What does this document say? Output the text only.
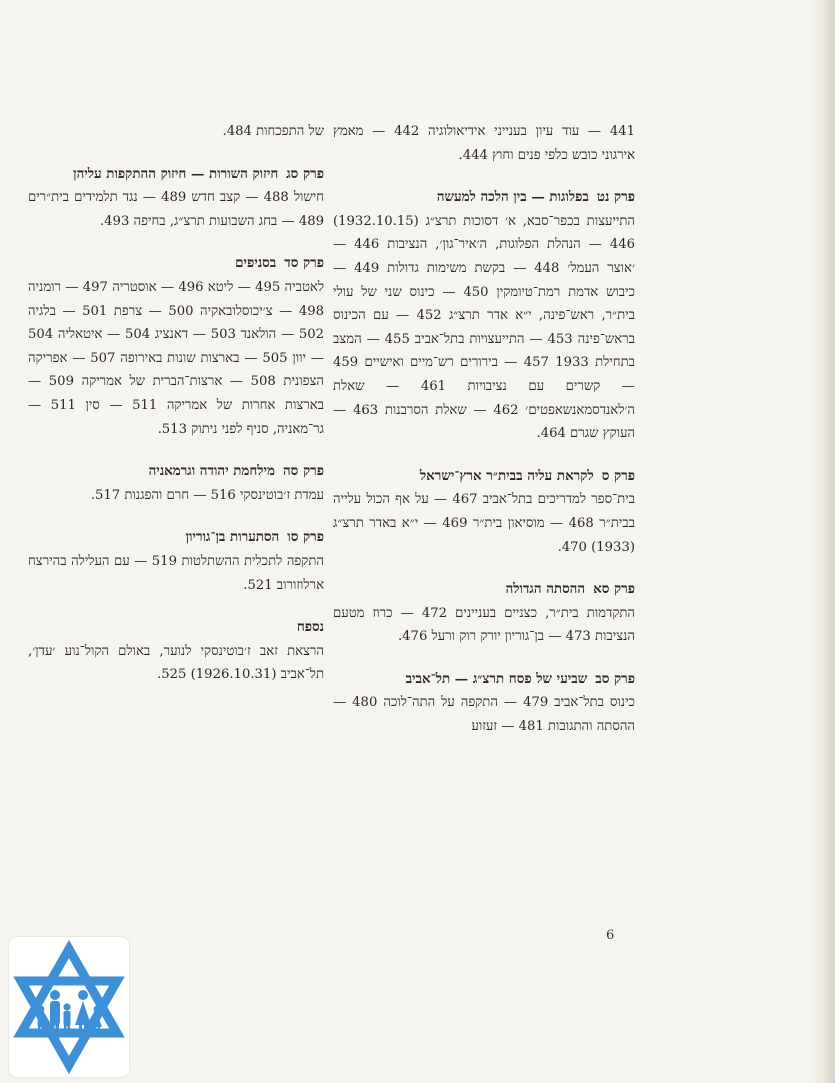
441 — עוד עיון בענייני אידיאולוגיה 442 — מאמץ אירגוני כובש כלפי פנים וחוץ 444.
פרק נטבפלוגות — בין הלכה למעשה
התייעצות בכפר־סבא, א׳ דסוכות תרצ״ג (1932.10.15) 446 — הנהלת הפלוגות, ה׳איר־גון׳, הנציבות 446 — ׳אוצר העמל׳ 448 — בקשת משימות גדולות 449 — כיבוש אדמת רמת־טיומקין 450 — כינוס שני של עולי בית״ר, ראש־פינה, י״א אדר תרצ״ג 452 — עם הכינוס בראש־פינה 453 — התייעצויות בתל־אביב 455 — המצב בתחילת 1933 457 — בירורים רש־מיים ואישיים 459 — קשרים עם נציבויות 461 — שאלת ה׳לאנדסמאנשאפטים׳ 462 — שאלת הסרבנות 463 — העוקץ שגרם 464.
פרק סלקראת עליה בבית״ר ארץ־ישראל
בית־ספר למדריכים בתל־אביב 467 — על אף הכול עלייה בבית״ר 468 — מוסיאון בית״ר 469 — י״א באדר תרצ״ג (1933) 470.
פרק סאההסתה הגדולה
התקדמות בית״ר, כצניים בעניינים 472 — כרוז מטעם הנציבות 473 — בן־גוריון יורק רוק ורעל 476.
פרק סבשביעי של פסח תרצ״ג — תל־אביב
כינוס בתל־אביב 479 — התקפה על התה־לוכה 480 — ההסתה והתגובות 481 — זעזוע
של התפכחות 484.
פרק סגחיזוק השורות — חיזוק ההתקפות עליהן
חישול 488 — קצב חדש 489 — נגד תלמידים בית״רים 489 — בחג השבועות תרצ״ג, בחיפה 493.
פרק סדבסניפים
לאטביה 495 — ליטא 496 — אוסטריה 497 — רומניה 498 — צ׳יכוסלובאקיה 500 — צרפת 501 — בלגיה 502 — הולאנד 503 — דאנציג 504 — איטאליה 504 — יוון 505 — בארצות שונות באירופה 507 — אפריקה הצפונית 508 — ארצות־הברית של אמריקה 509 — בארצות אחרות של אמריקה 511 — סין 511 — גר־מאניה, סניף לפני ניתוק 513.
פרק סהמילחמת יהודה וגרמאניה
עמדת ז׳בוטינסקי 516 — חרם והפגנות 517.
פרק סוהסתערות בן־גוריון
התקפה לתכלית ההשתלטות 519 — עם העלילה בהירצח ארלוזורוב 521.
נספח
הרצאת זאב ז׳בוטינסקי לנוער, באולם הקול־נוע ׳עדן׳, תל־אביב (1926.10.31) 525.
6
